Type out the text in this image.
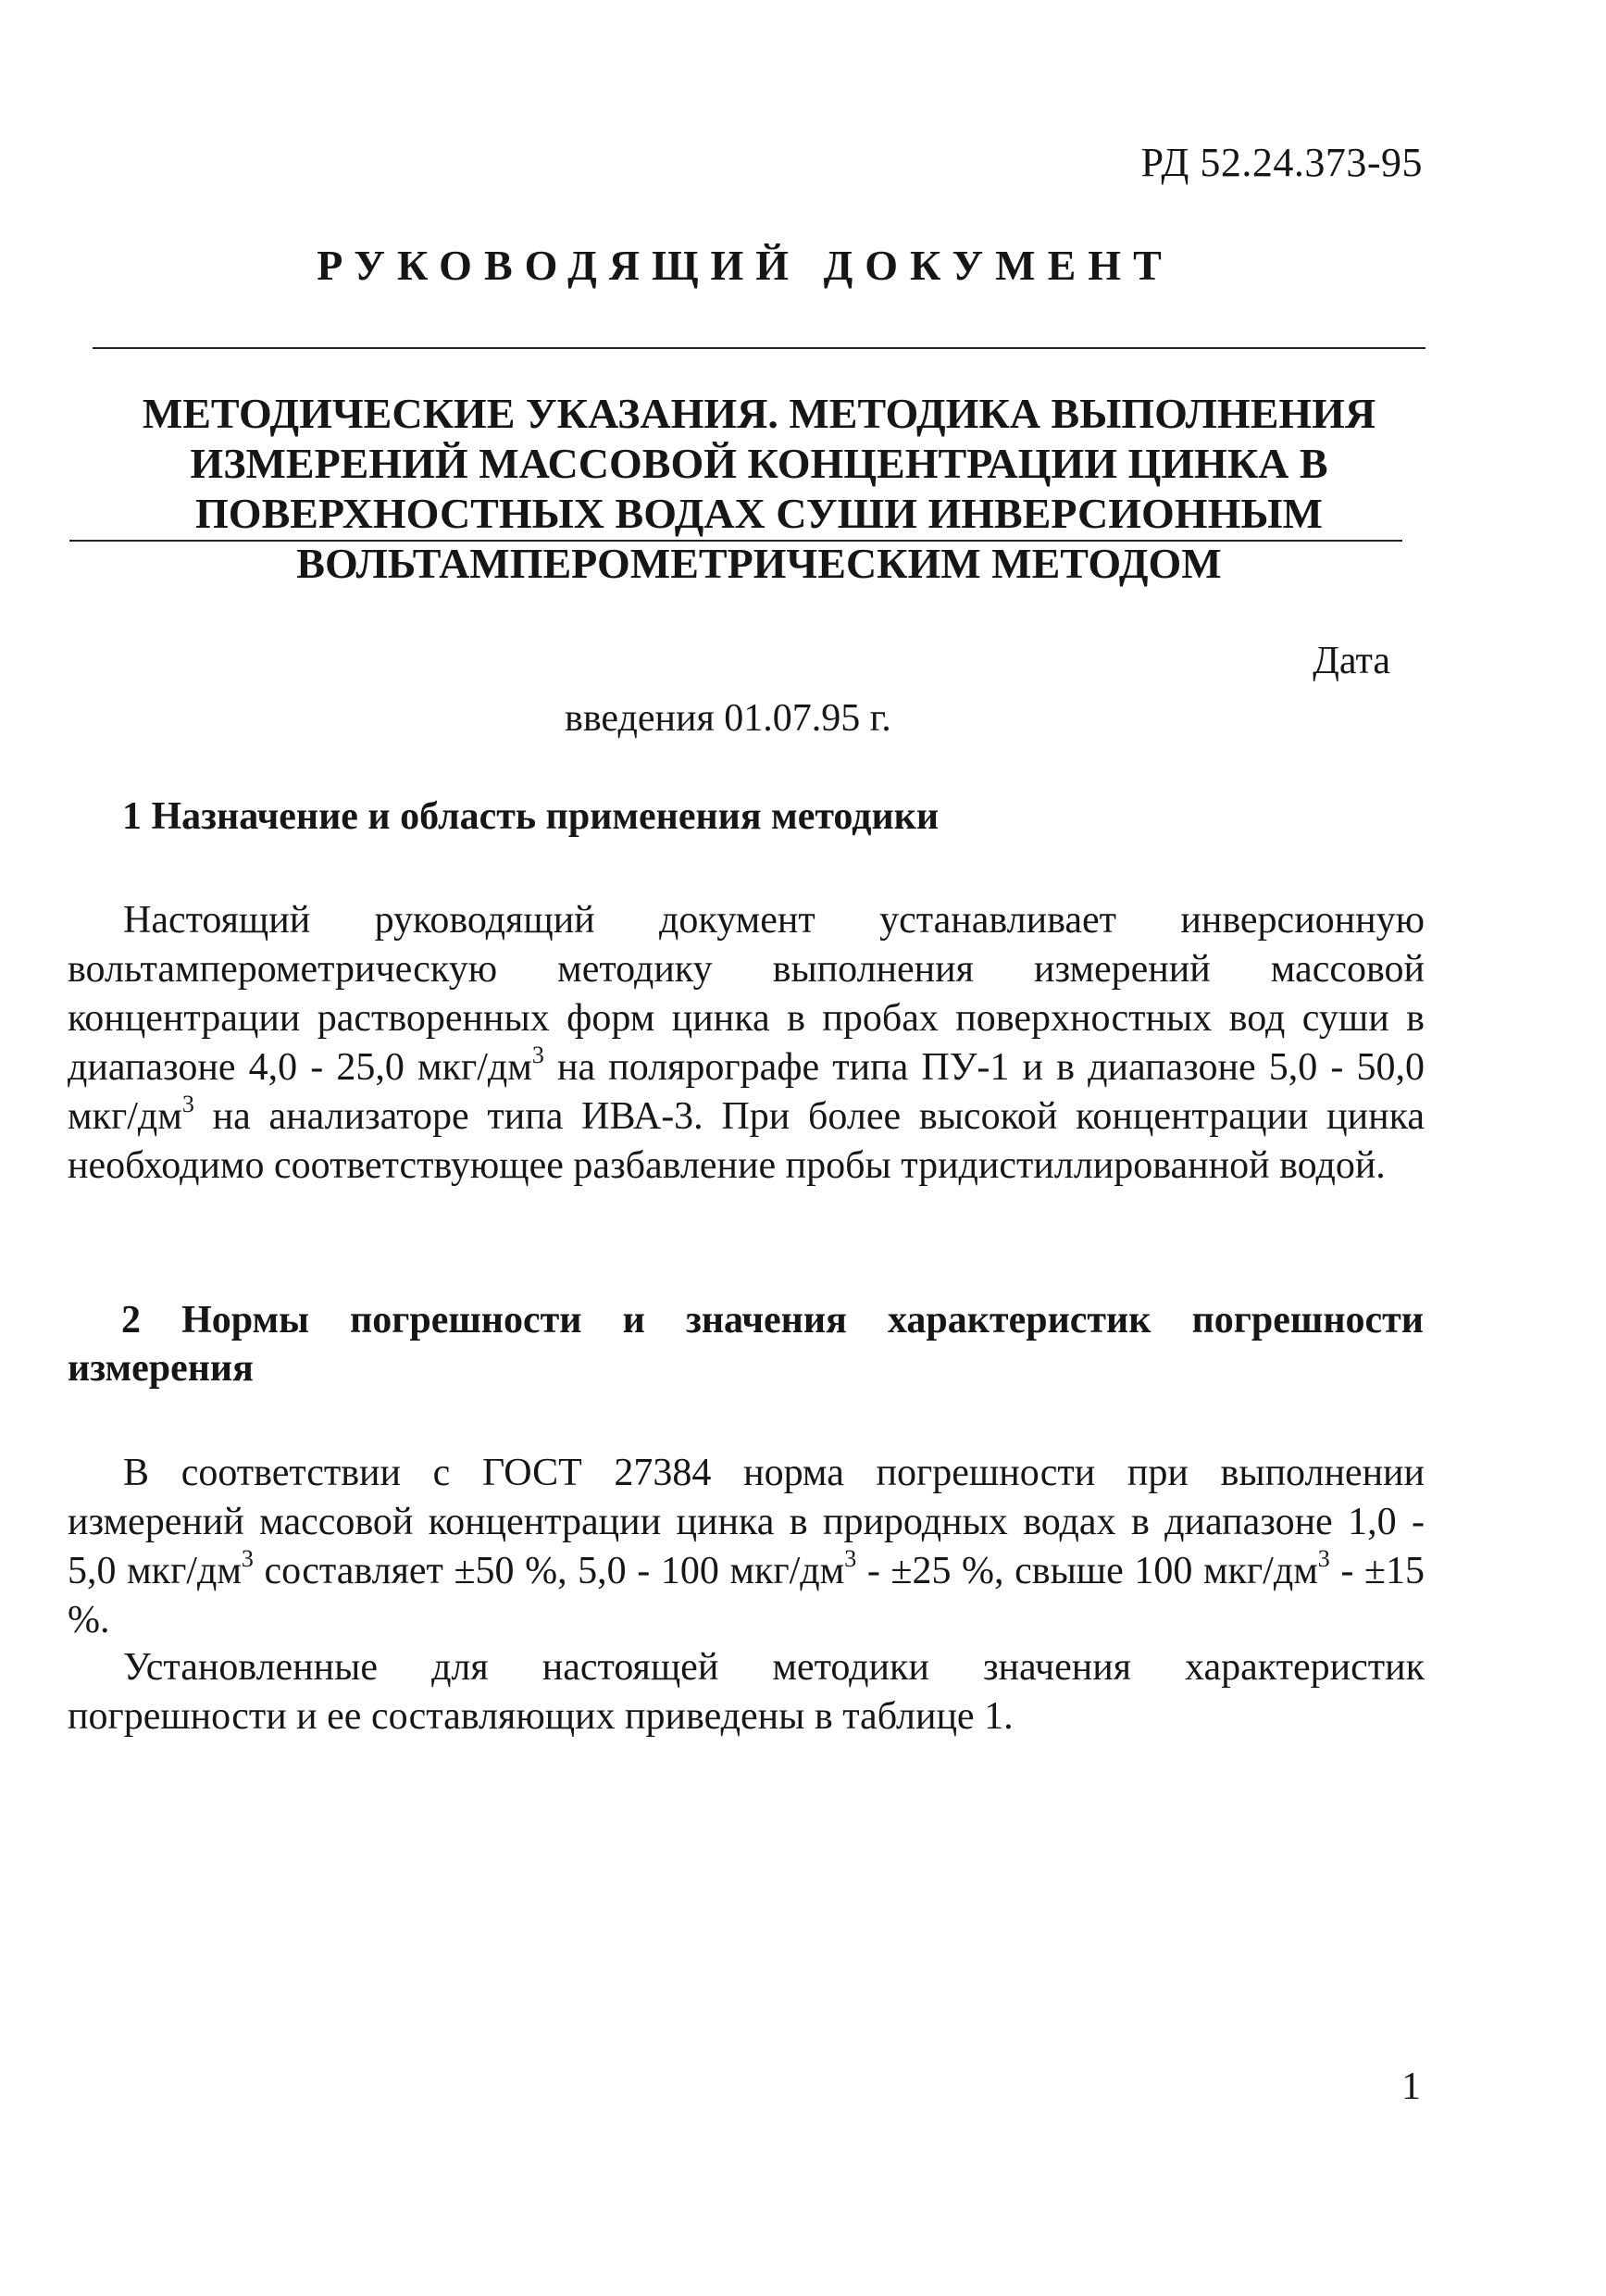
РД 52.24.373-95
РУКОВОДЯЩИЙ ДОКУМЕНТ
МЕТОДИЧЕСКИЕ УКАЗАНИЯ. МЕТОДИКА ВЫПОЛНЕНИЯ
ИЗМЕРЕНИЙ МАССОВОЙ КОНЦЕНТРАЦИИ ЦИНКА В
ПОВЕРХНОСТНЫХ ВОДАХ СУШИ ИНВЕРСИОННЫМ
ВОЛЬТАМПЕРОМЕТРИЧЕСКИМ МЕТОДОМ
Дата
введения 01.07.95 г.
1 Назначение и область применения методики
Настоящий руководящий документ устанавливает инверсионную вольтамперометрическую методику выполнения измерений массовой концентрации растворенных форм цинка в пробах поверхностных вод суши в диапазоне 4,0 - 25,0 мкг/$дм^3$ на полярографе типа ПУ-1 и в диапазоне 5,0 - 50,0 мкг/$дм^3$ на анализаторе типа ИВА-3. При более высокой концентрации цинка необходимо соответствующее разбавление пробы тридистиллированной водой.
2 Нормы погрешности и значения характеристик погрешности измерения
В соответствии с ГОСТ 27384 норма погрешности при выполнении измерений массовой концентрации цинка в природных водах в диапазоне 1,0 - 5,0 мкг/$дм^3$ составляет ±50 %, 5,0 - 100 мкг/$дм^3 - \pm 25$ %, свыше 100 мкг/$дм^3 - \pm 15$ %.
Установленные для настоящей методики значения характеристик погрешности и ее составляющих приведены в таблице 1.
1
